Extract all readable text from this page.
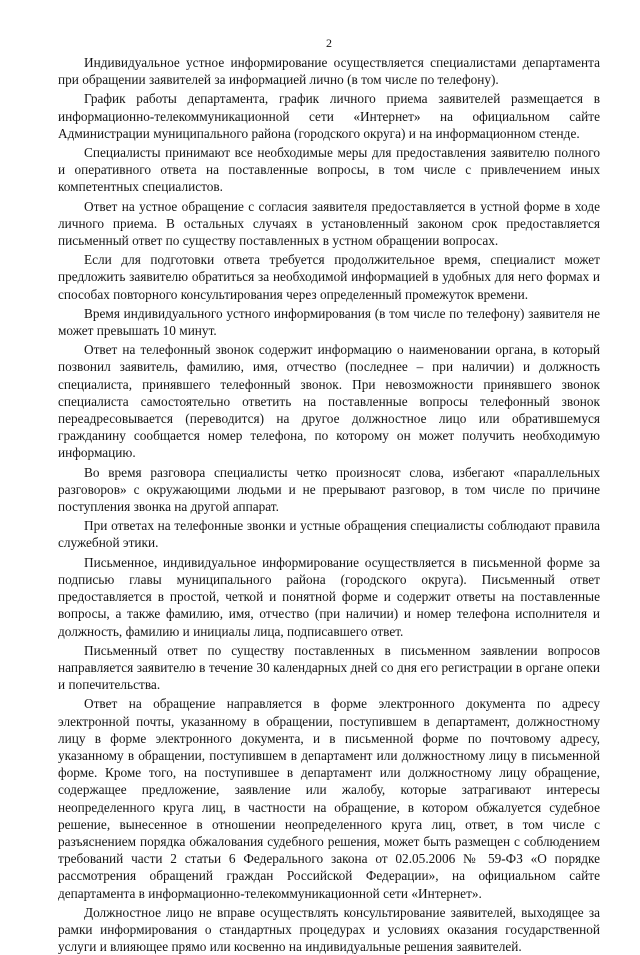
2

Индивидуальное устное информирование осуществляется специалистами департамента при обращении заявителей за информацией лично (в том числе по телефону).

График работы департамента, график личного приема заявителей размещается в информационно-телекоммуникационной сети «Интернет» на официальном сайте Администрации муниципального района (городского округа) и на информационном стенде.

Специалисты принимают все необходимые меры для предоставления заявителю полного и оперативного ответа на поставленные вопросы, в том числе с привлечением иных компетентных специалистов.

Ответ на устное обращение с согласия заявителя предоставляется в устной форме в ходе личного приема. В остальных случаях в установленный законом срок предоставляется письменный ответ по существу поставленных в устном обращении вопросах.

Если для подготовки ответа требуется продолжительное время, специалист может предложить заявителю обратиться за необходимой информацией в удобных для него формах и способах повторного консультирования через определенный промежуток времени.

Время индивидуального устного информирования (в том числе по телефону) заявителя не может превышать 10 минут.

Ответ на телефонный звонок содержит информацию о наименовании органа, в который позвонил заявитель, фамилию, имя, отчество (последнее – при наличии) и должность специалиста, принявшего телефонный звонок. При невозможности принявшего звонок специалиста самостоятельно ответить на поставленные вопросы телефонный звонок переадресовывается (переводится) на другое должностное лицо или обратившемуся гражданину сообщается номер телефона, по которому он может получить необходимую информацию.

Во время разговора специалисты четко произносят слова, избегают «параллельных разговоров» с окружающими людьми и не прерывают разговор, в том числе по причине поступления звонка на другой аппарат.

При ответах на телефонные звонки и устные обращения специалисты соблюдают правила служебной этики.

Письменное, индивидуальное информирование осуществляется в письменной форме за подписью главы муниципального района (городского округа). Письменный ответ предоставляется в простой, четкой и понятной форме и содержит ответы на поставленные вопросы, а также фамилию, имя, отчество (при наличии) и номер телефона исполнителя и должность, фамилию и инициалы лица, подписавшего ответ.

Письменный ответ по существу поставленных в письменном заявлении вопросов направляется заявителю в течение 30 календарных дней со дня его регистрации в органе опеки и попечительства.

Ответ на обращение направляется в форме электронного документа по адресу электронной почты, указанному в обращении, поступившем в департамент, должностному лицу в форме электронного документа, и в письменной форме по почтовому адресу, указанному в обращении, поступившем в департамент или должностному лицу в письменной форме. Кроме того, на поступившее в департамент или должностному лицу обращение, содержащее предложение, заявление или жалобу, которые затрагивают интересы неопределенного круга лиц, в частности на обращение, в котором обжалуется судебное решение, вынесенное в отношении неопределенного круга лиц, ответ, в том числе с разъяснением порядка обжалования судебного решения, может быть размещен с соблюдением требований части 2 статьи 6 Федерального закона от 02.05.2006 № 59-ФЗ «О порядке рассмотрения обращений граждан Российской Федерации», на официальном сайте департамента в информационно-телекоммуникационной сети «Интернет».

Должностное лицо не вправе осуществлять консультирование заявителей, выходящее за рамки информирования о стандартных процедурах и условиях оказания государственной услуги и влияющее прямо или косвенно на индивидуальные решения заявителей.
